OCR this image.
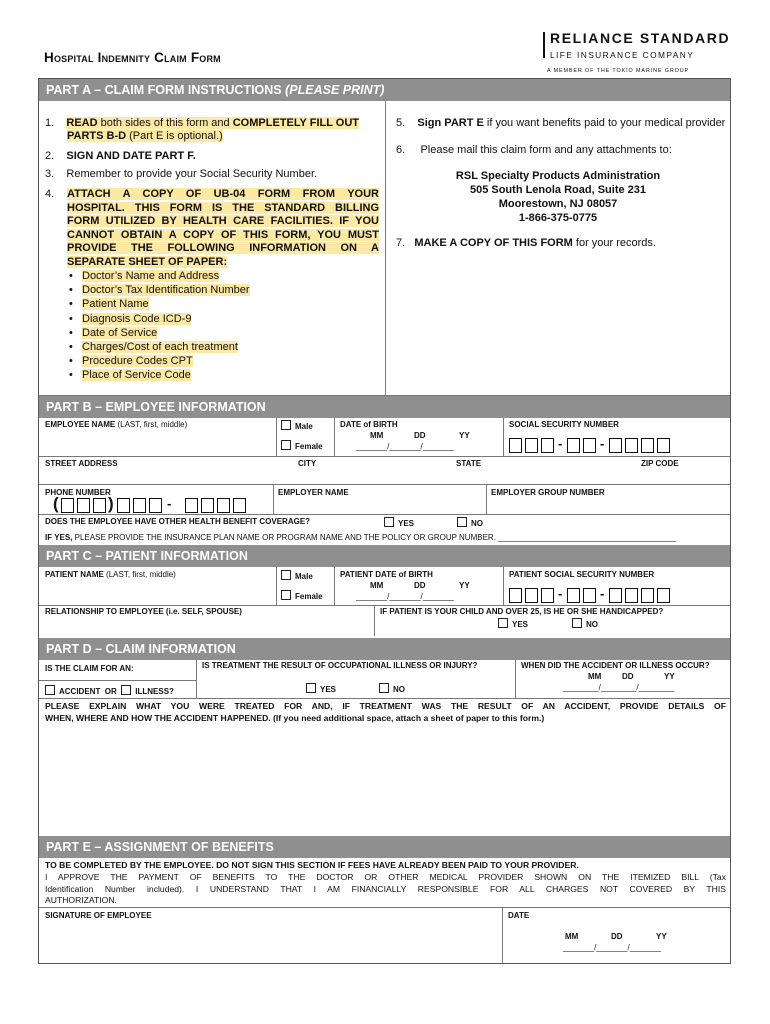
Hospital Indemnity Claim Form
RELIANCE STANDARD
LIFE INSURANCE COMPANY
A MEMBER OF THE TOKIO MARINE GROUP
PART A – CLAIM FORM INSTRUCTIONS (PLEASE PRINT)
1.    READ both sides of this form and COMPLETELY FILL OUT
PARTS B-D (Part E is optional.)
2.    SIGN AND DATE PART F.
3.    Remember to provide your Social Security Number.
4. ATTACH A COPY OF UB-04 FORM FROM YOUR
HOSPITAL. THIS FORM IS THE STANDARD BILLING
FORM UTILIZED BY HEALTH CARE FACILITIES. IF YOU
CANNOT OBTAIN A COPY OF THIS FORM, YOU MUST
PROVIDE THE FOLLOWING INFORMATION ON A
SEPARATE SHEET OF PAPER:
• Doctor’s Name and Address
• Doctor’s Tax Identification Number
• Patient Name
• Diagnosis Code ICD-9
• Date of Service
• Charges/Cost of each treatment
• Procedure Codes CPT
• Place of Service Code
5.    Sign PART E if you want benefits paid to your medical provider
6.     Please mail this claim form and any attachments to:
RSL Specialty Products Administration
505 South Lenola Road, Suite 231
Moorestown, NJ 08057
1-866-375-0775
7.   MAKE A COPY OF THIS FORM for your records.
PART B – EMPLOYEE INFORMATION
EMPLOYEE NAME (LAST, first, middle)	Male
Female
DATE of BIRTH
MM	DD	YY
_______/_______/_______
SOCIAL SECURITY NUMBER
-	-
STREET ADDRESS	CITY	STATE	ZIP CODE
PHONE NUMBER
(	)	-
EMPLOYER NAME	EMPLOYER GROUP NUMBER
DOES THE EMPLOYEE HAVE OTHER HEALTH BENEFIT COVERAGE?	YES	NO
IF YES, PLEASE PROVIDE THE INSURANCE PLAN NAME OR PROGRAM NAME AND THE POLICY OR GROUP NUMBER. ________________________________________
PART C – PATIENT INFORMATION
PATIENT NAME (LAST, first, middle)	Male
Female
PATIENT DATE of BIRTH
MM	DD	YY
_______/_______/_______
PATIENT SOCIAL SECURITY NUMBER
-	-
RELATIONSHIP TO EMPLOYEE (i.e. SELF, SPOUSE)	IF PATIENT IS YOUR CHILD AND OVER 25, IS HE OR SHE HANDICAPPED?
YES	NO
PART D – CLAIM INFORMATION
IS THE CLAIM FOR AN:
ACCIDENT OR ILLNESS?
IS TREATMENT THE RESULT OF OCCUPATIONAL ILLNESS OR INJURY?
YES	NO
WHEN DID THE ACCIDENT OR ILLNESS OCCUR?
MM	DD	YY
________/________/________
PLEASE EXPLAIN WHAT YOU WERE TREATED FOR AND, IF TREATMENT WAS THE RESULT OF AN ACCIDENT, PROVIDE DETAILS OF
WHEN, WHERE AND HOW THE ACCIDENT HAPPENED. (If you need additional space, attach a sheet of paper to this form.)
PART E – ASSIGNMENT OF BENEFITS
TO BE COMPLETED BY THE EMPLOYEE. DO NOT SIGN THIS SECTION IF FEES HAVE ALREADY BEEN PAID TO YOUR PROVIDER.
I APPROVE THE PAYMENT OF BENEFITS TO THE DOCTOR OR OTHER MEDICAL PROVIDER SHOWN ON THE ITEMIZED BILL (Tax
Identification Number included). I UNDERSTAND THAT I AM FINANCIALLY RESPONSIBLE FOR ALL CHARGES NOT COVERED BY THIS
AUTHORIZATION.
SIGNATURE OF EMPLOYEE	DATE
MM	DD	YY
_______/_______/_______
